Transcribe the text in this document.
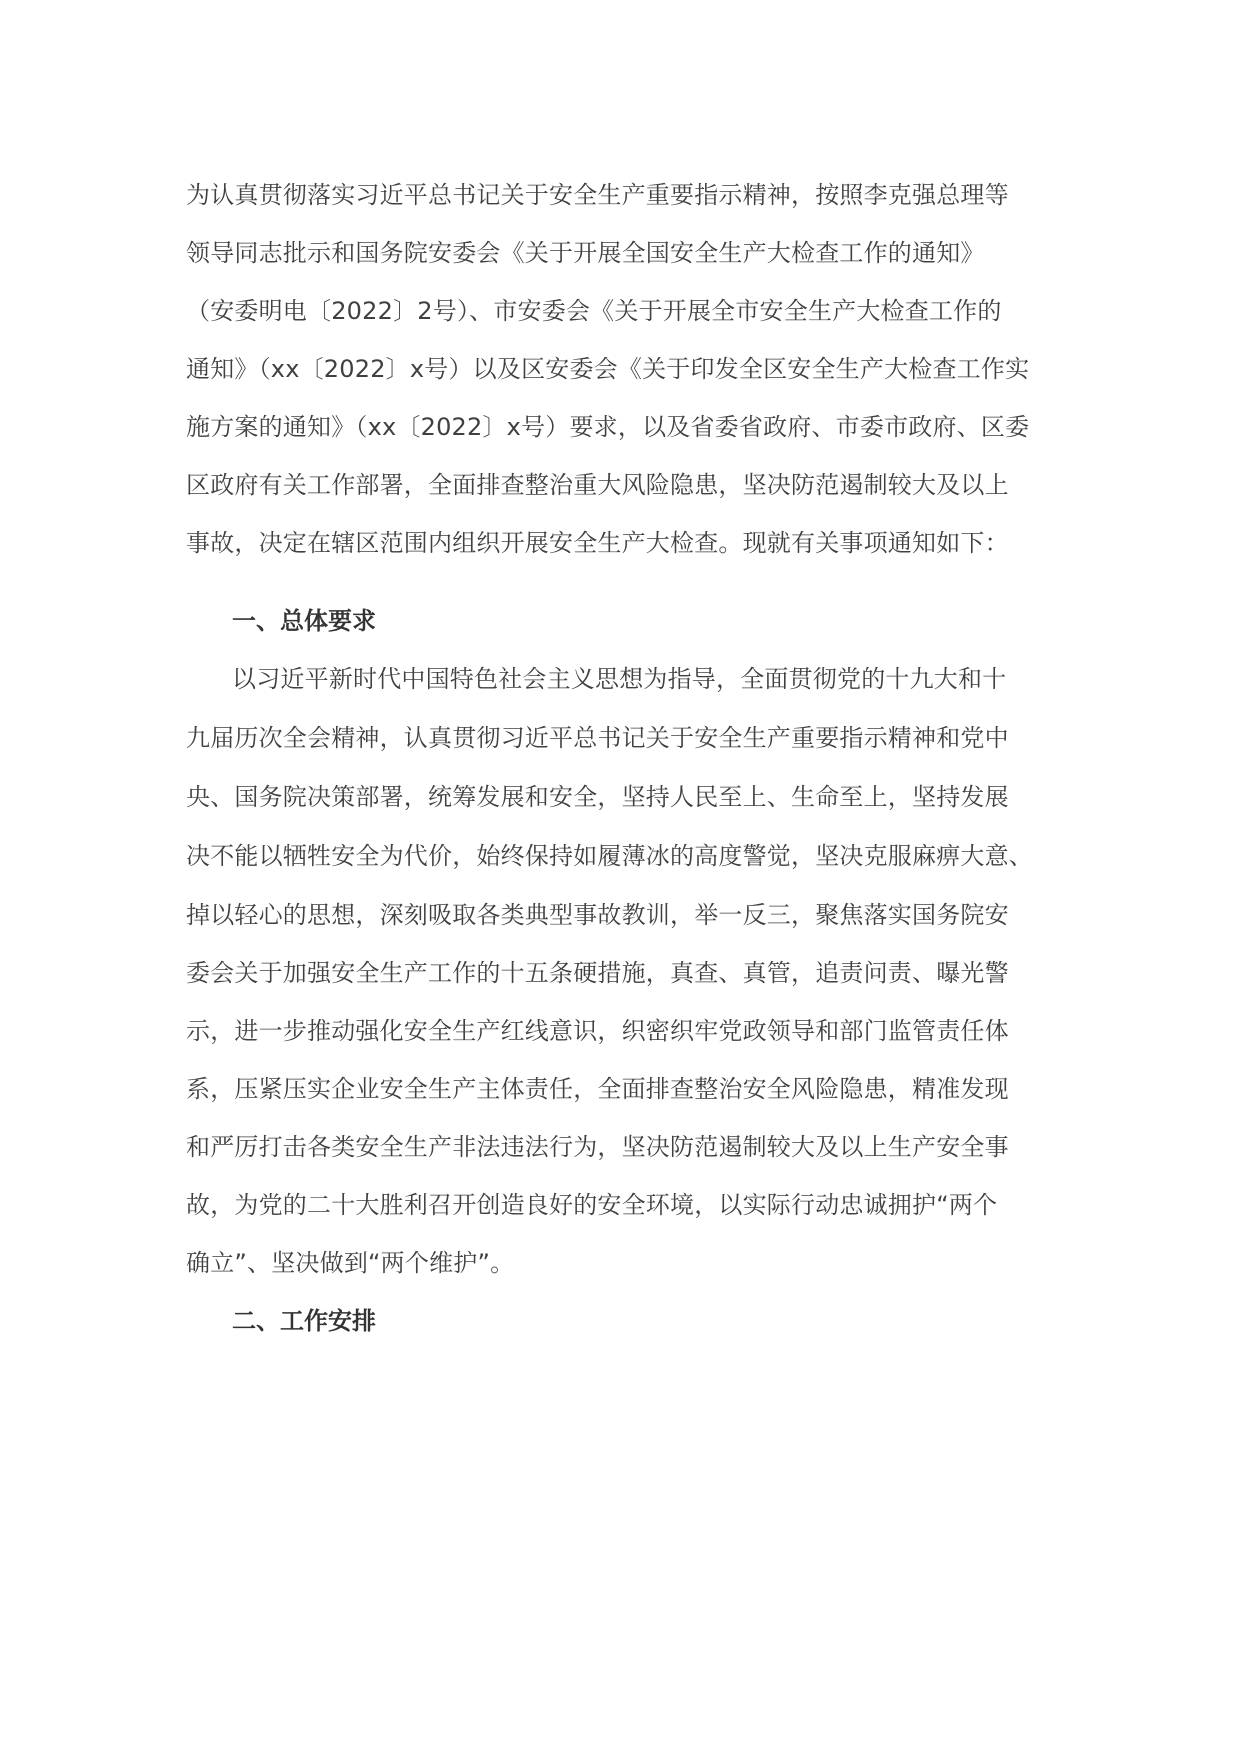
为认真贯彻落实习近平总书记关于安全生产重要指示精神，按照李克强总理等
领导同志批示和国务院安委会《关于开展全国安全生产大检查工作的通知》
（安委明电〔2022〕2号）、市安委会《关于开展全市安全生产大检查工作的
通知》（xx〔2022〕x号）以及区安委会《关于印发全区安全生产大检查工作实
施方案的通知》（xx〔2022〕x号）要求，以及省委省政府、市委市政府、区委
区政府有关工作部署，全面排查整治重大风险隐患，坚决防范遏制较大及以上
事故，决定在辖区范围内组织开展安全生产大检查。现就有关事项通知如下：
一、总体要求
以习近平新时代中国特色社会主义思想为指导，全面贯彻党的十九大和十
九届历次全会精神，认真贯彻习近平总书记关于安全生产重要指示精神和党中
央、国务院决策部署，统筹发展和安全，坚持人民至上、生命至上，坚持发展
决不能以牺牲安全为代价，始终保持如履薄冰的高度警觉，坚决克服麻痹大意、
掉以轻心的思想，深刻吸取各类典型事故教训，举一反三，聚焦落实国务院安
委会关于加强安全生产工作的十五条硬措施，真查、真管，追责问责、曝光警
示，进一步推动强化安全生产红线意识，织密织牢党政领导和部门监管责任体
系，压紧压实企业安全生产主体责任，全面排查整治安全风险隐患，精准发现
和严厉打击各类安全生产非法违法行为，坚决防范遏制较大及以上生产安全事
故，为党的二十大胜利召开创造良好的安全环境，以实际行动忠诚拥护“两个
确立”、坚决做到“两个维护”。
二、工作安排
